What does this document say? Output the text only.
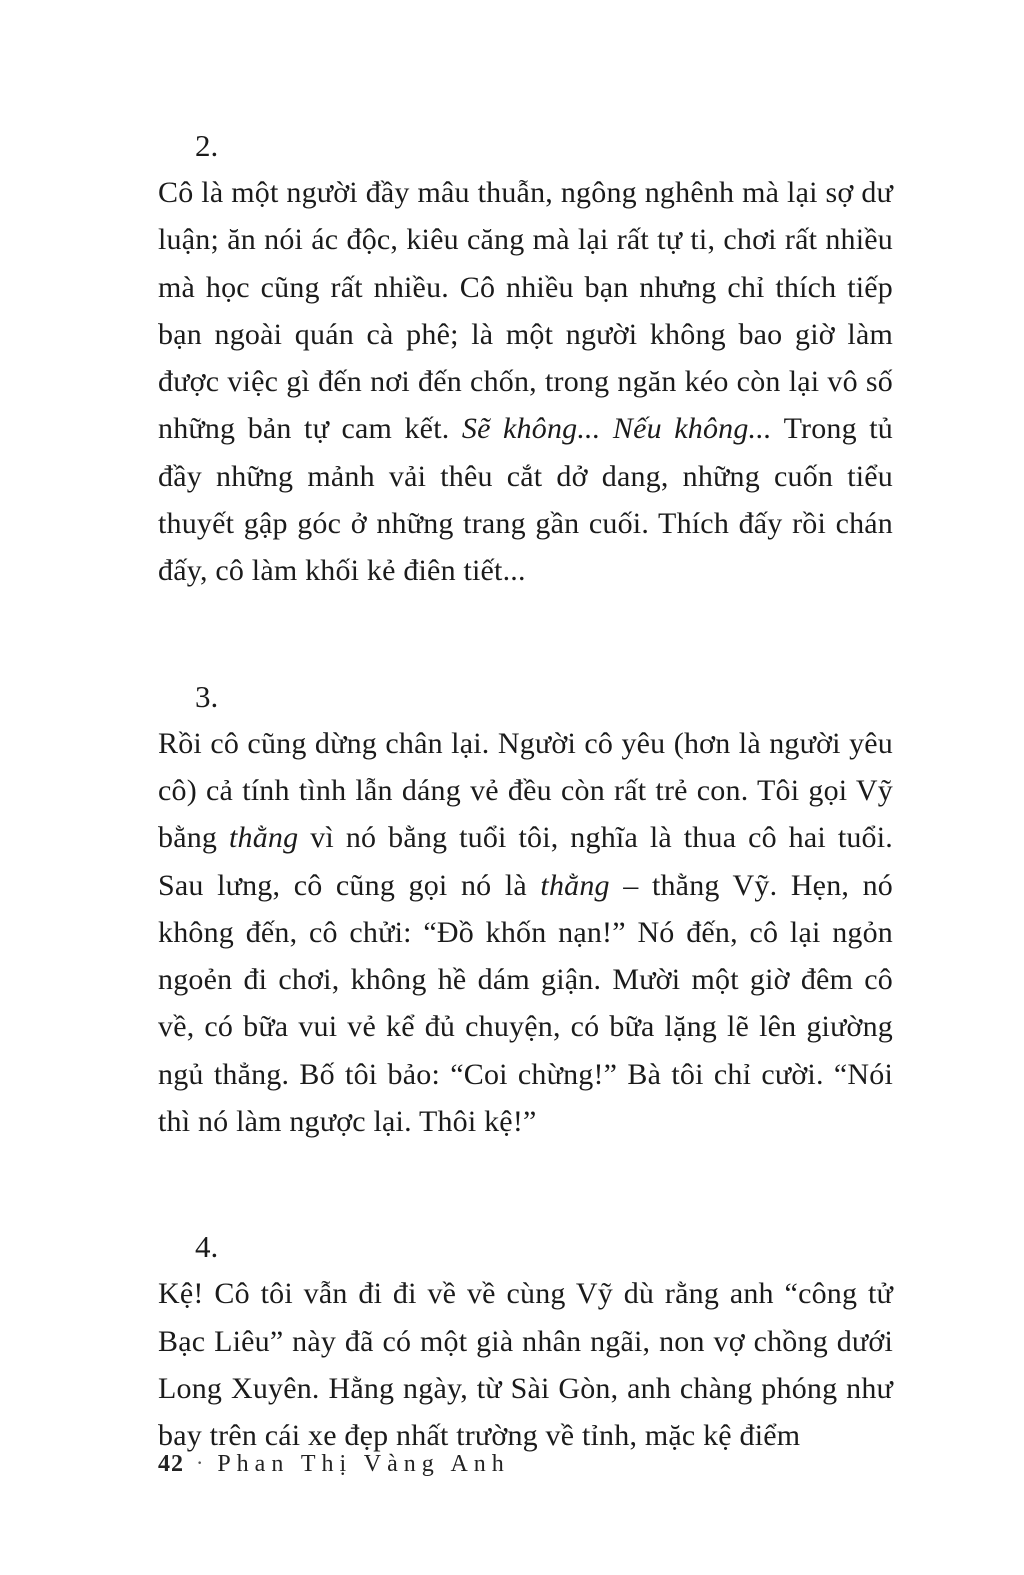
2.

Cô là một người đầy mâu thuẫn, ngông nghênh mà lại sợ dư luận; ăn nói ác độc, kiêu căng mà lại rất tự ti, chơi rất nhiều mà học cũng rất nhiều. Cô nhiều bạn nhưng chỉ thích tiếp bạn ngoài quán cà phê; là một người không bao giờ làm được việc gì đến nơi đến chốn, trong ngăn kéo còn lại vô số những bản tự cam kết. Sẽ không... Nếu không... Trong tủ đầy những mảnh vải thêu cắt dở dang, những cuốn tiểu thuyết gập góc ở những trang gần cuối. Thích đấy rồi chán đấy, cô làm khối kẻ điên tiết...

3.

Rồi cô cũng dừng chân lại. Người cô yêu (hơn là người yêu cô) cả tính tình lẫn dáng vẻ đều còn rất trẻ con. Tôi gọi Vỹ bằng thằng vì nó bằng tuổi tôi, nghĩa là thua cô hai tuổi. Sau lưng, cô cũng gọi nó là thằng – thằng Vỹ. Hẹn, nó không đến, cô chửi: “Đồ khốn nạn!” Nó đến, cô lại ngỏn ngoẻn đi chơi, không hề dám giận. Mười một giờ đêm cô về, có bữa vui vẻ kể đủ chuyện, có bữa lặng lẽ lên giường ngủ thẳng. Bố tôi bảo: “Coi chừng!” Bà tôi chỉ cười. “Nói thì nó làm ngược lại. Thôi kệ!”

4.

Kệ! Cô tôi vẫn đi đi về về cùng Vỹ dù rằng anh “công tử Bạc Liêu” này đã có một già nhân ngãi, non vợ chồng dưới Long Xuyên. Hằng ngày, từ Sài Gòn, anh chàng phóng như bay trên cái xe đẹp nhất trường về tỉnh, mặc kệ điểm

42 · Phan Thị Vàng Anh
